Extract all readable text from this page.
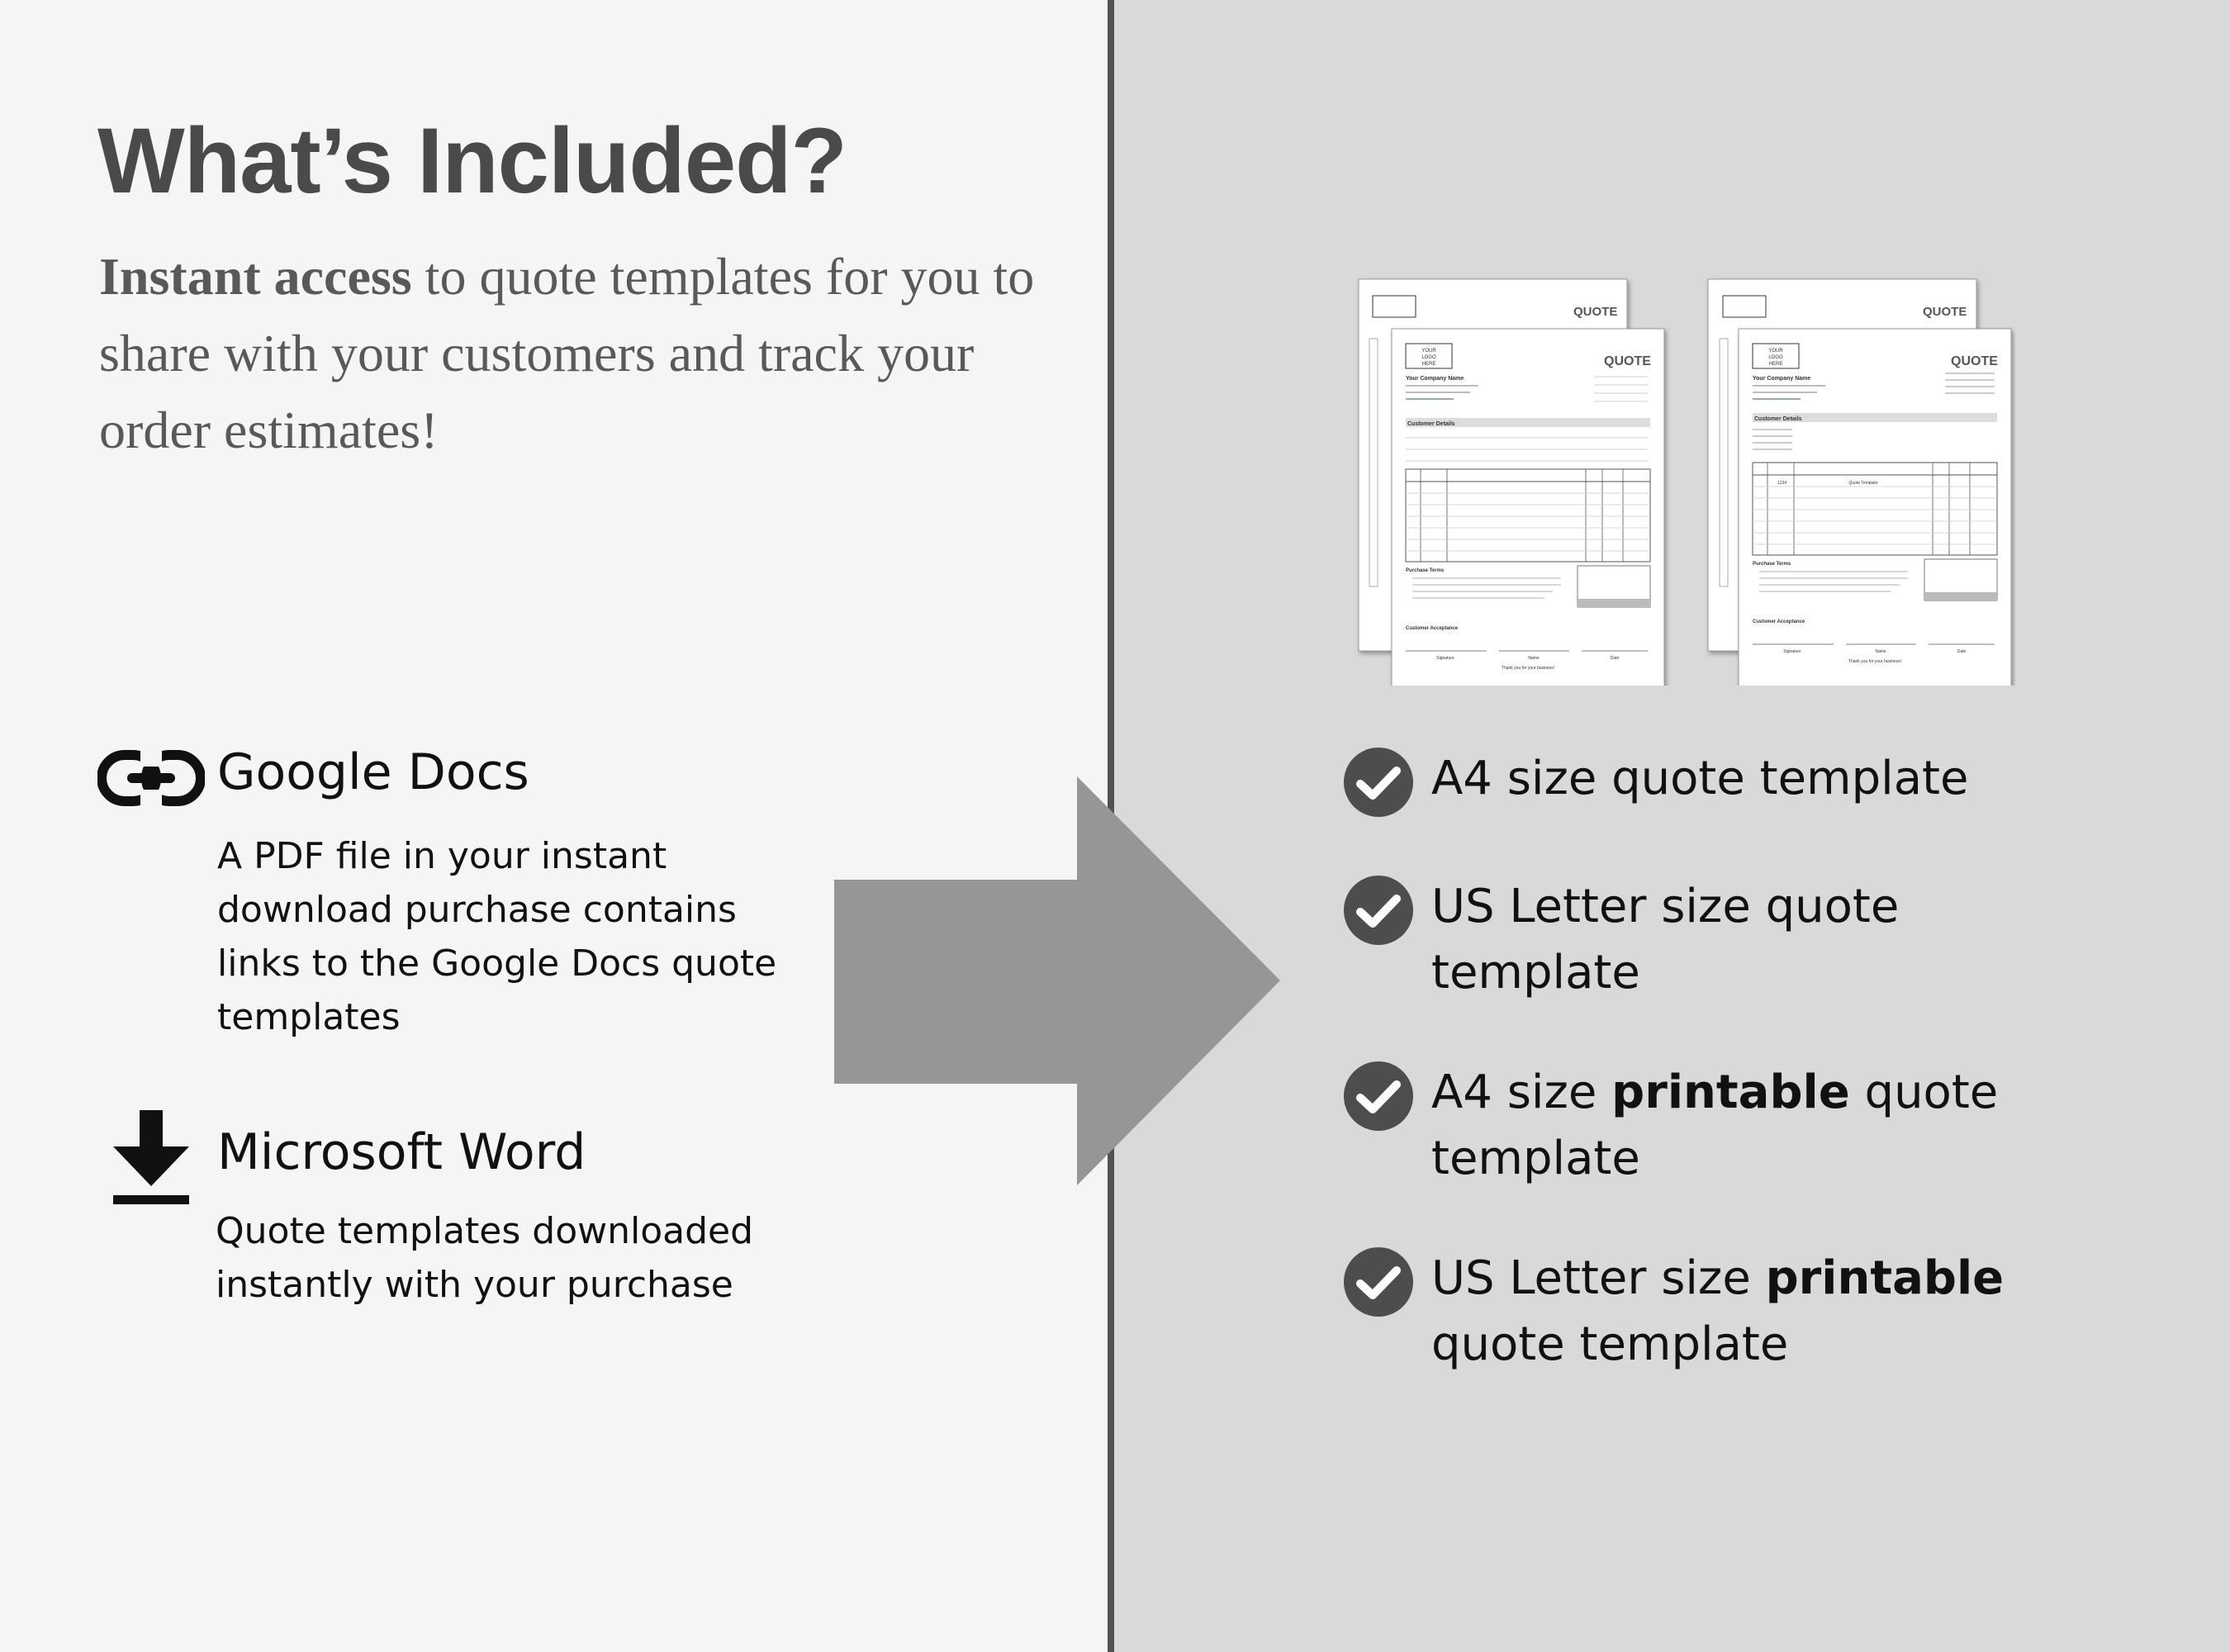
What’s Included?

Instant access to quote templates for you to share with your customers and track your order estimates!

Google Docs

A PDF file in your instant download purchase contains links to the Google Docs quote templates

Microsoft Word

Quote templates downloaded instantly with your purchase

QUOTE
YOUR
LOGO
HERE	QUOTE
Your Company Name
Customer Details
Purchase Terms
Customer Acceptance
Signature	Name	Date
Thank you for your business!
QUOTE
YOUR
LOGO
HERE	QUOTE
Your Company Name
Customer Details
1234	Quote Template
Purchase Terms
Customer Acceptance
Signature	Name	Date
Thank you for your business!

A4 size quote template

US Letter size quote template

A4 size printable quote template

US Letter size printable quote template
